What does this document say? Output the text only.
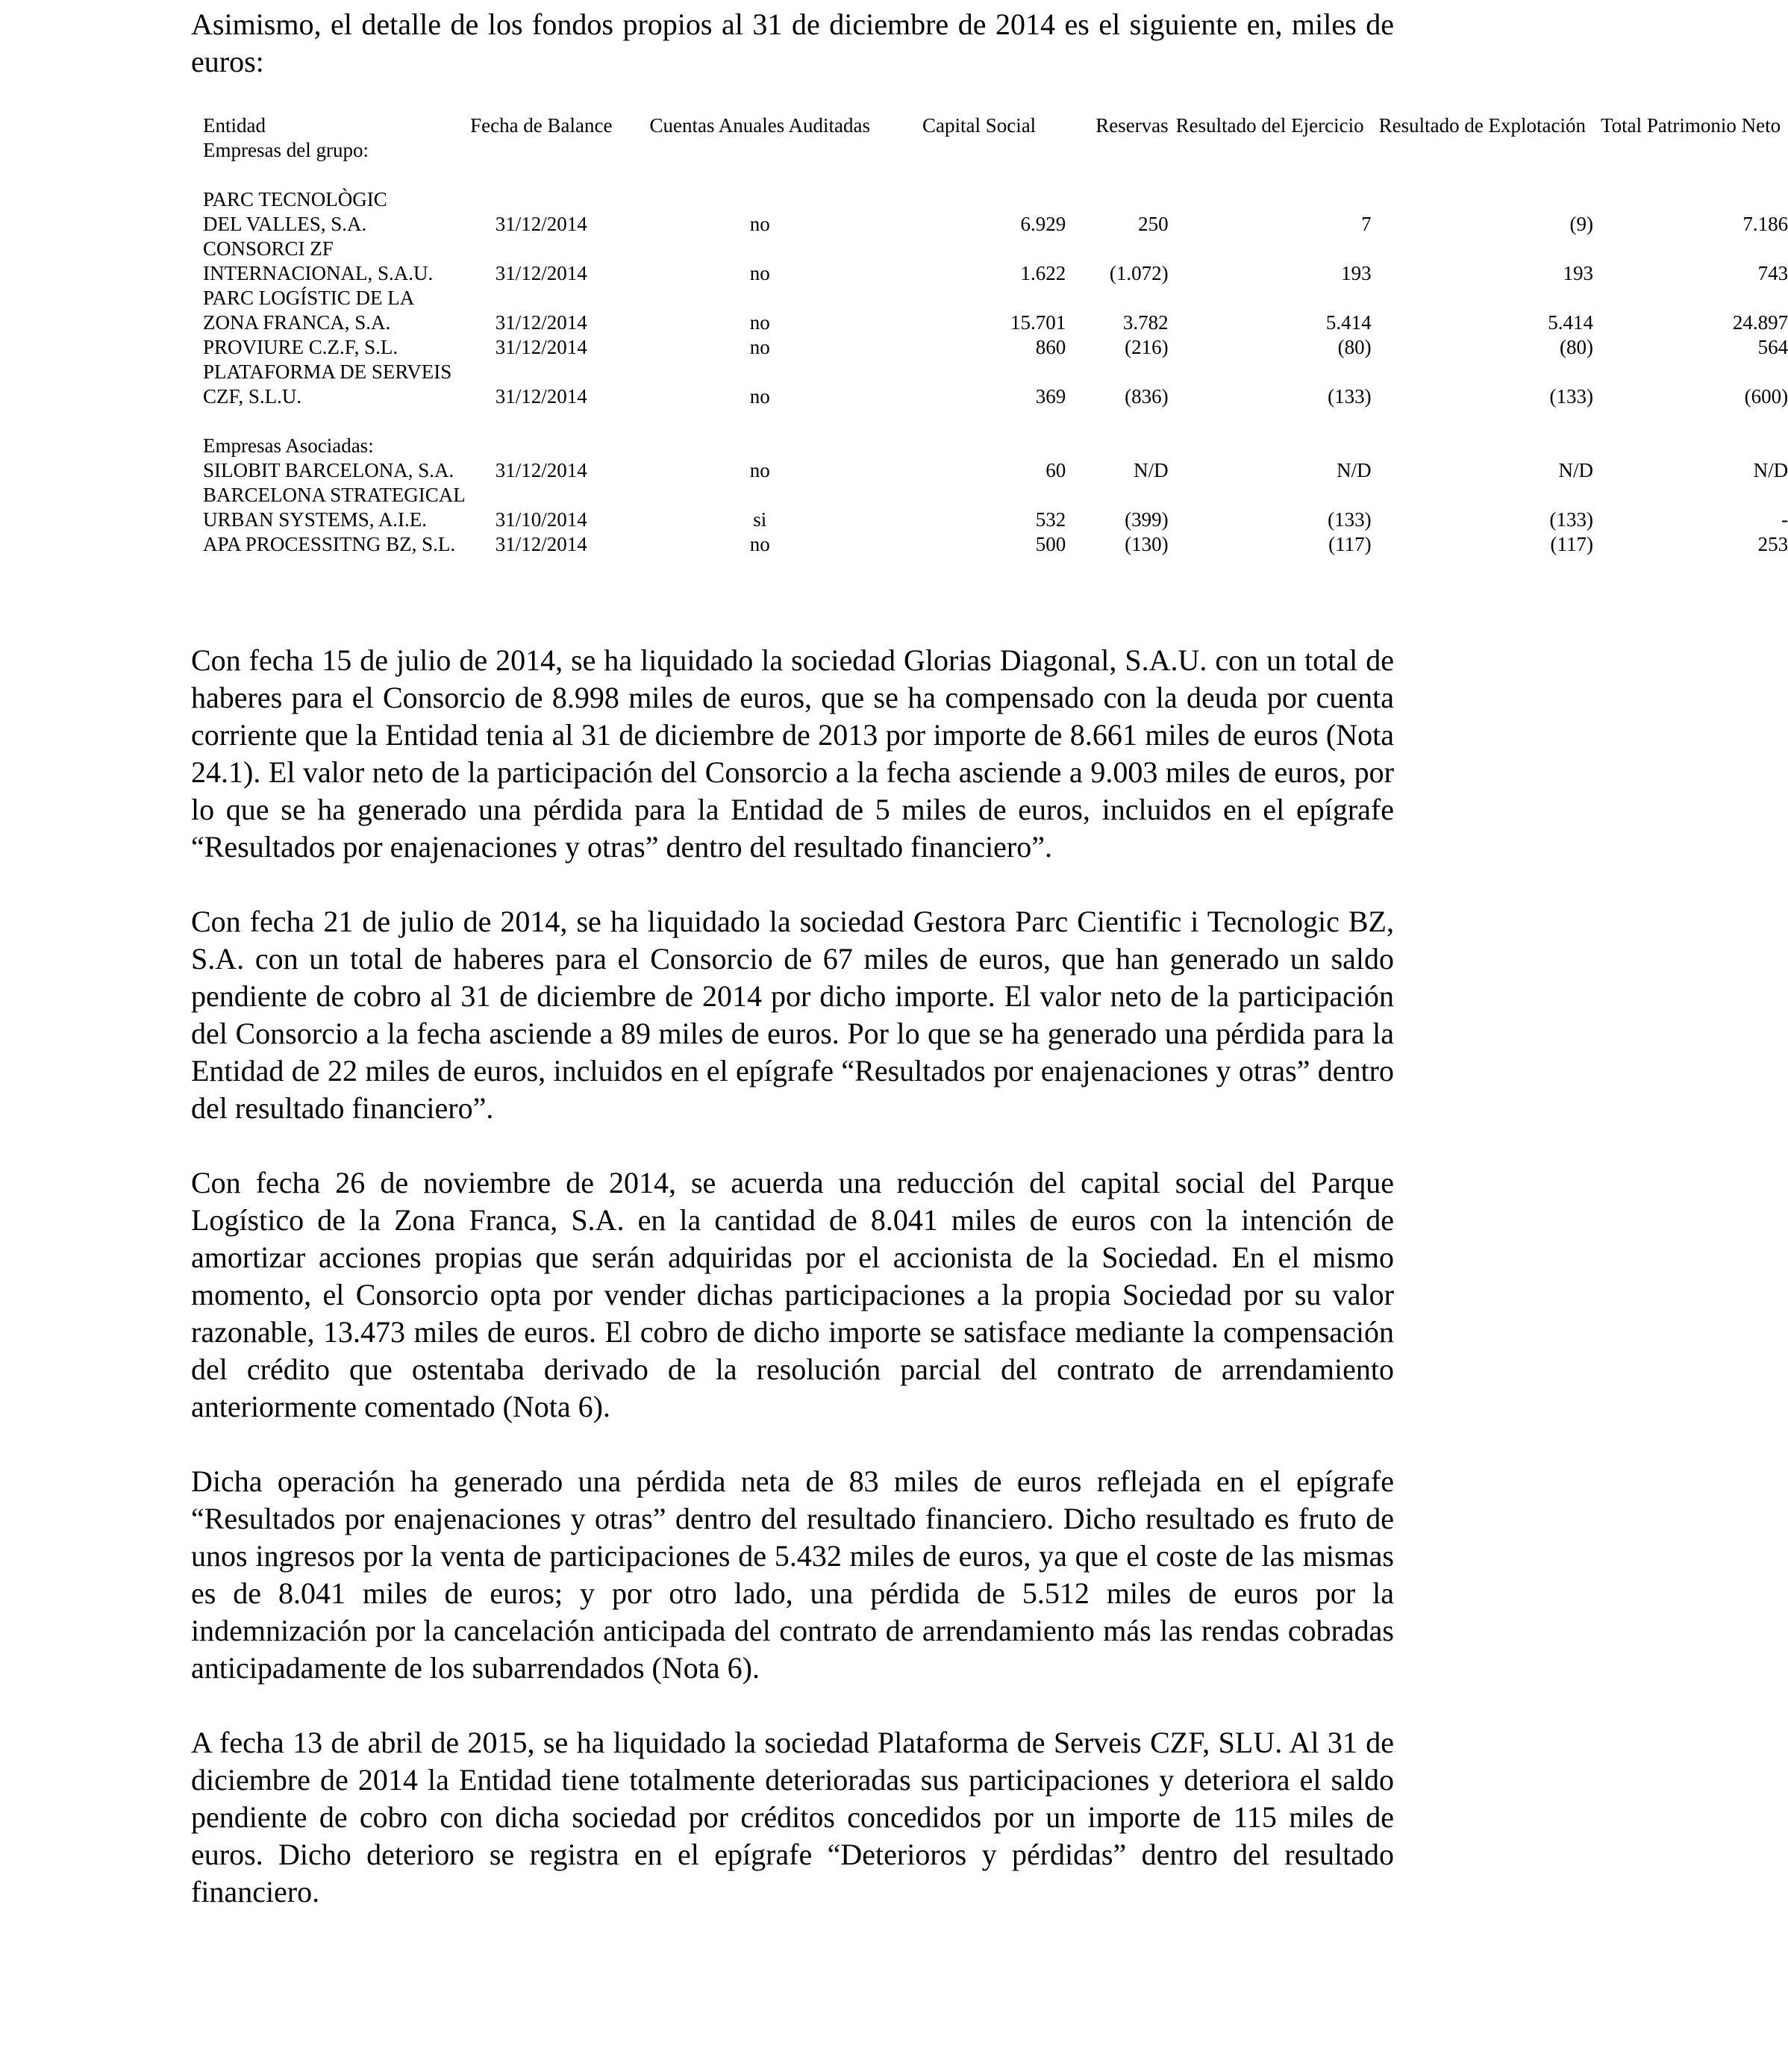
Asimismo, el detalle de los fondos propios al 31 de diciembre de 2014 es el siguiente en, miles de euros:

Entidad	Fecha de Balance	Cuentas Anuales Auditadas	Capital Social	Reservas	Resultado del Ejercicio	Resultado de Explotación	Total Patrimonio Neto
Empresas del grupo:							

PARC TECNOLÒGIC							
DEL VALLES, S.A.	31/12/2014	no	6.929	250	7	(9)	7.186
CONSORCI ZF							
INTERNACIONAL, S.A.U.	31/12/2014	no	1.622	(1.072)	193	193	743
PARC LOGÍSTIC DE LA							
ZONA FRANCA, S.A.	31/12/2014	no	15.701	3.782	5.414	5.414	24.897
PROVIURE C.Z.F, S.L.	31/12/2014	no	860	(216)	(80)	(80)	564
PLATAFORMA DE SERVEIS							
CZF, S.L.U.	31/12/2014	no	369	(836)	(133)	(133)	(600)

Empresas Asociadas:							
SILOBIT BARCELONA, S.A.	31/12/2014	no	60	N/D	N/D	N/D	N/D
BARCELONA STRATEGICAL							
URBAN SYSTEMS, A.I.E.	31/10/2014	si	532	(399)	(133)	(133)	-
APA PROCESSITNG BZ, S.L.	31/12/2014	no	500	(130)	(117)	(117)	253

Con fecha 15 de julio de 2014, se ha liquidado la sociedad Glorias Diagonal, S.A.U. con un total de haberes para el Consorcio de 8.998 miles de euros, que se ha compensado con la deuda por cuenta corriente que la Entidad tenia al 31 de diciembre de 2013 por importe de 8.661 miles de euros (Nota 24.1). El valor neto de la participación del Consorcio a la fecha asciende a 9.003 miles de euros, por lo que se ha generado una pérdida para la Entidad de 5 miles de euros, incluidos en el epígrafe “Resultados por enajenaciones y otras” dentro del resultado financiero”.

Con fecha 21 de julio de 2014, se ha liquidado la sociedad Gestora Parc Cientific i Tecnologic BZ, S.A. con un total de haberes para el Consorcio de 67 miles de euros, que han generado un saldo pendiente de cobro al 31 de diciembre de 2014 por dicho importe. El valor neto de la participación del Consorcio a la fecha asciende a 89 miles de euros. Por lo que se ha generado una pérdida para la Entidad de 22 miles de euros, incluidos en el epígrafe “Resultados por enajenaciones y otras” dentro del resultado financiero”.

Con fecha 26 de noviembre de 2014, se acuerda una reducción del capital social del Parque Logístico de la Zona Franca, S.A. en la cantidad de 8.041 miles de euros con la intención de amortizar acciones propias que serán adquiridas por el accionista de la Sociedad. En el mismo momento, el Consorcio opta por vender dichas participaciones a la propia Sociedad por su valor razonable, 13.473 miles de euros. El cobro de dicho importe se satisface mediante la compensación del crédito que ostentaba derivado de la resolución parcial del contrato de arrendamiento anteriormente comentado (Nota 6).

Dicha operación ha generado una pérdida neta de 83 miles de euros reflejada en el epígrafe “Resultados por enajenaciones y otras” dentro del resultado financiero. Dicho resultado es fruto de unos ingresos por la venta de participaciones de 5.432 miles de euros, ya que el coste de las mismas es de 8.041 miles de euros; y por otro lado, una pérdida de 5.512 miles de euros por la indemnización por la cancelación anticipada del contrato de arrendamiento más las rendas cobradas anticipadamente de los subarrendados (Nota 6).

A fecha 13 de abril de 2015, se ha liquidado la sociedad Plataforma de Serveis CZF, SLU. Al 31 de diciembre de 2014 la Entidad tiene totalmente deterioradas sus participaciones y deteriora el saldo pendiente de cobro con dicha sociedad por créditos concedidos por un importe de 115 miles de euros. Dicho deterioro se registra en el epígrafe “Deterioros y pérdidas” dentro del resultado financiero.
